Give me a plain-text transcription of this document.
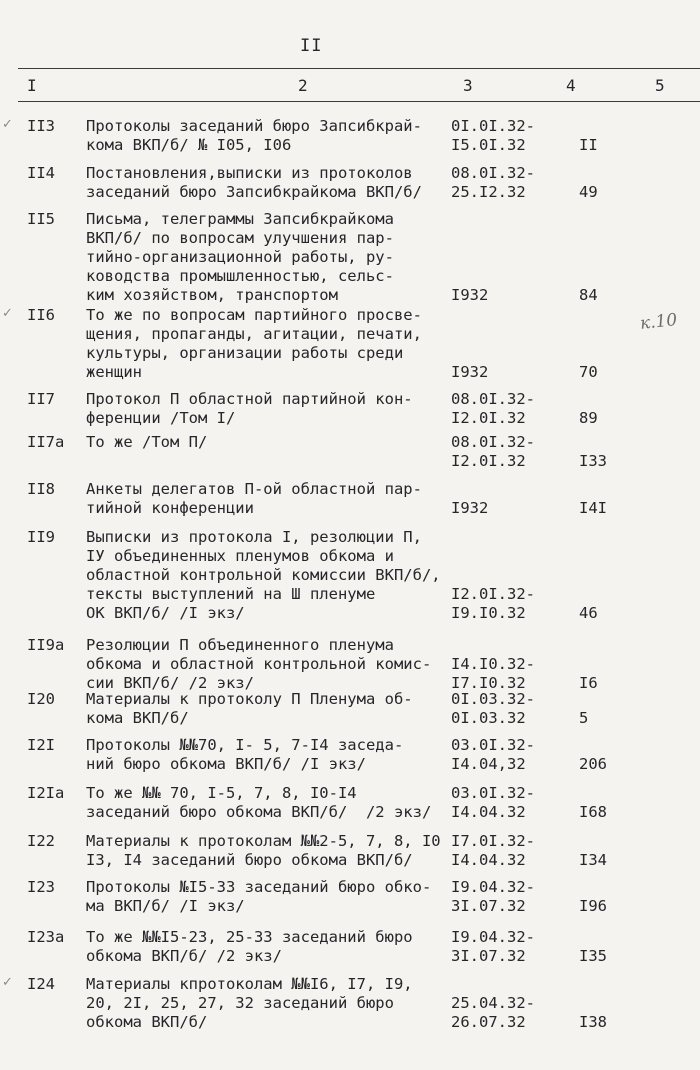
II
I	2	3	4	5
к.10
✓ II3 Протоколы заседаний бюро Запсибкрай-
кома ВКП/б/ № I05, I06
0I.0I.32-
I5.0I.32	II
II4 Постановления,выписки из протоколов
заседаний бюро Запсибкрайкома ВКП/б/
08.0I.32-
25.I2.32	49
II5 Письма, телеграммы Запсибкрайкома
ВКП/б/ по вопросам улучшения пар-
тийно-организационной работы, ру-
ководства промышленностью, сельс-
ким хозяйством, транспортом	I932	84
✓ II6 То же по вопросам партийного просве-
щения, пропаганды, агитации, печати,
культуры, организации работы среди
женщин	I932	70
II7 Протокол П областной партийной кон-
ференции /Том I/
08.0I.32-
I2.0I.32	89
II7а То же /Том П/	08.0I.32-
I2.0I.32	I33
II8 Анкеты делегатов П-ой областной пар-
тийной конференции	I932	I4I
II9 Выписки из протокола I, резолюции П,
IУ объединенных пленумов обкома и
областной контрольной комиссии ВКП/б/,
тексты выступлений на Ш пленуме
ОК ВКП/б/ /I экз/
I2.0I.32-
I9.I0.32	46
II9а Резолюции П объединенного пленума
обкома и областной контрольной комис-
сии ВКП/б/ /2 экз/
I4.I0.32-
I7.I0.32	I6
I20 Материалы к протоколу П Пленума об-
кома ВКП/б/
0I.03.32-
0I.03.32	5
I2I Протоколы №№70, I- 5, 7-I4 заседа-
ний бюро обкома ВКП/б/ /I экз/
03.0I.32-
I4.04,32	206
I2Iа То же №№ 70, I-5, 7, 8, I0-I4
заседаний бюро обкома ВКП/б/  /2 экз/
03.0I.32-
I4.04.32	I68
I22 Материалы к протоколам №№2-5, 7, 8, I0
I3, I4 заседаний бюро обкома ВКП/б/
I7.0I.32-
I4.04.32	I34
I23 Протоколы №I5-33 заседаний бюро обко-
ма ВКП/б/ /I экз/
I9.04.32-
3I.07.32	I96
I23а То же №№I5-23, 25-33 заседаний бюро
обкома ВКП/б/ /2 экз/
I9.04.32-
3I.07.32	I35
✓ I24 Материалы кпротоколам №№I6, I7, I9,
20, 2I, 25, 27, 32 заседаний бюро
обкома ВКП/б/
25.04.32-
26.07.32	I38
